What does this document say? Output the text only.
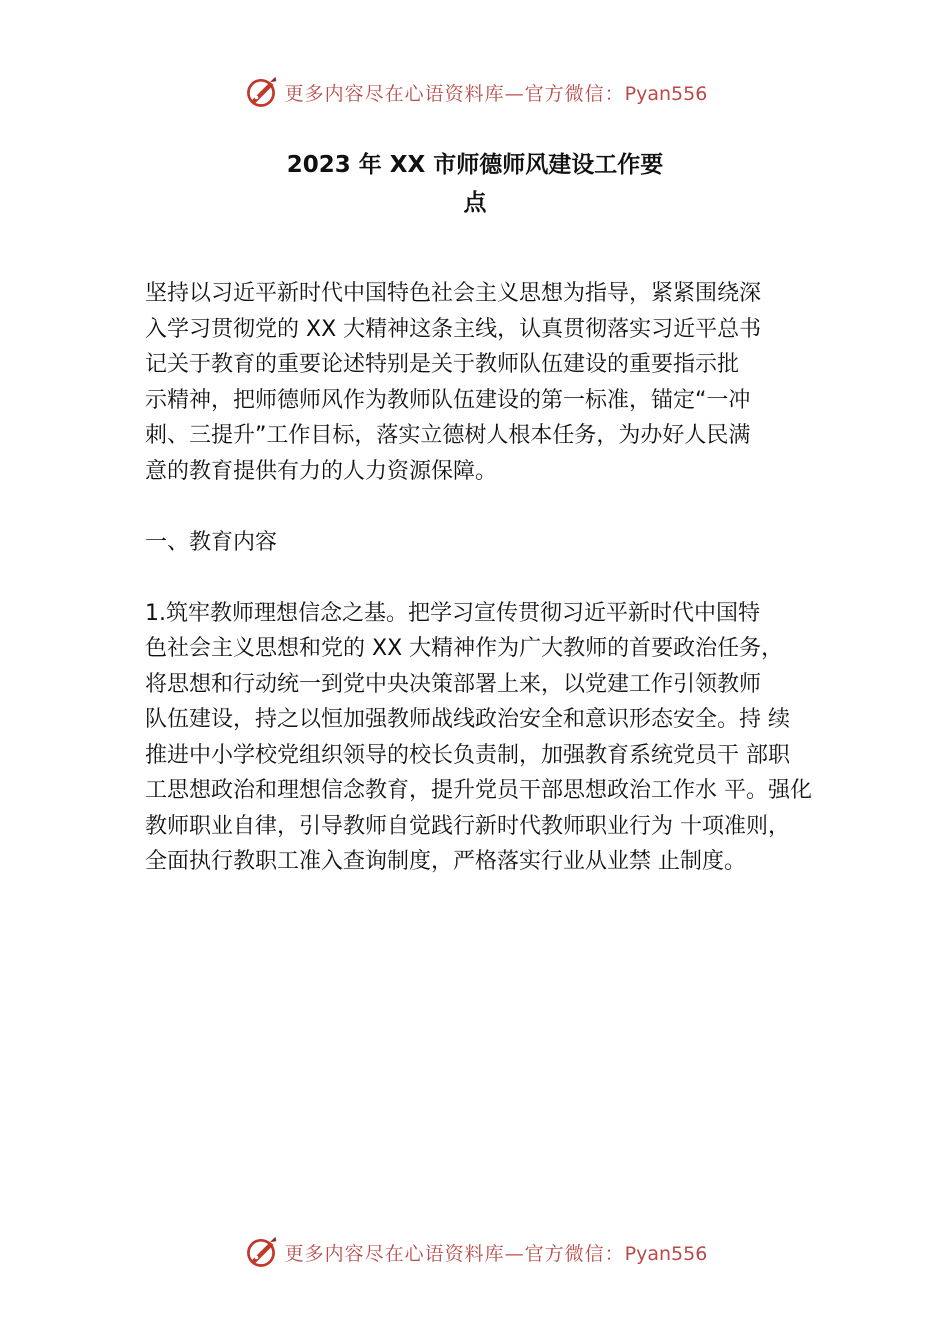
更多内容尽在心语资料库—官方微信：Pyan556
2023 年 XX 市师德师风建设工作要
点

坚持以习近平新时代中国特色社会主义思想为指导，紧紧围绕深
入学习贯彻党的 XX 大精神这条主线，认真贯彻落实习近平总书
记关于教育的重要论述特别是关于教师队伍建设的重要指示批
示精神，把师德师风作为教师队伍建设的第一标准，锚定“一冲
刺、三提升”工作目标，落实立德树人根本任务，为办好人民满
意的教育提供有力的人力资源保障。

一、教育内容

1.筑牢教师理想信念之基。把学习宣传贯彻习近平新时代中国特
色社会主义思想和党的 XX 大精神作为广大教师的首要政治任务，
将思想和行动统一到党中央决策部署上来，以党建工作引领教师
队伍建设，持之以恒加强教师战线政治安全和意识形态安全。持 续
推进中小学校党组织领导的校长负责制，加强教育系统党员干 部职
工思想政治和理想信念教育，提升党员干部思想政治工作水 平。强化
教师职业自律，引导教师自觉践行新时代教师职业行为 十项准则，
全面执行教职工准入查询制度，严格落实行业从业禁 止制度。

更多内容尽在心语资料库—官方微信：Pyan556
